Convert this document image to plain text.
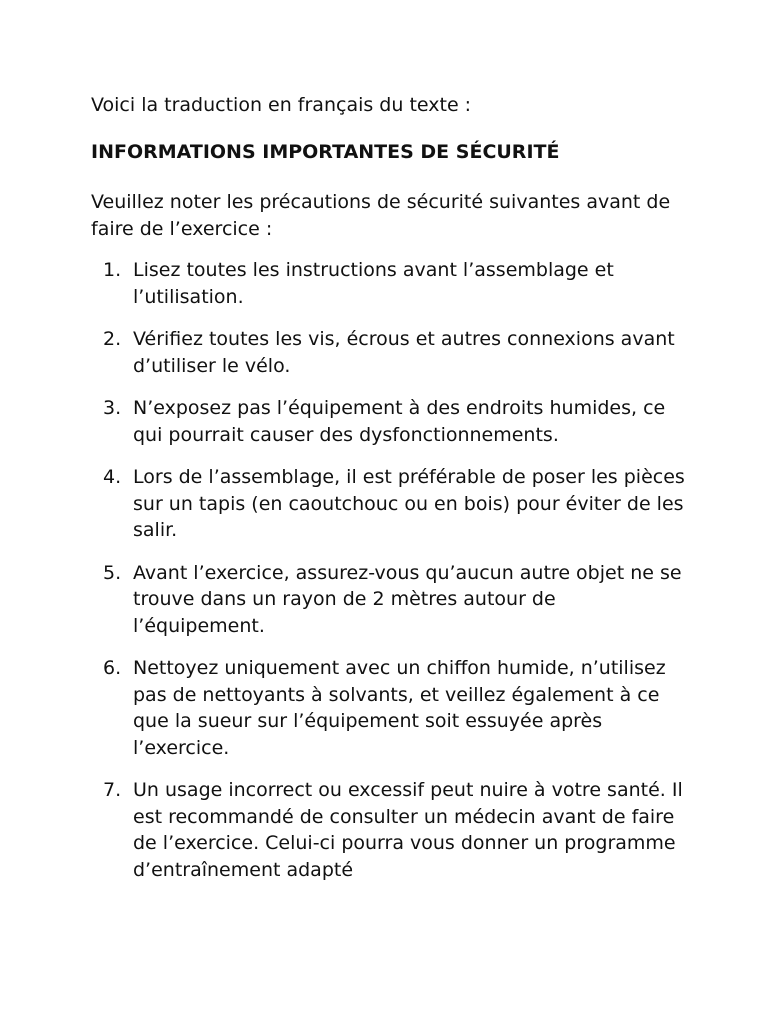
Voici la traduction en français du texte :

INFORMATIONS IMPORTANTES DE SÉCURITÉ

Veuillez noter les précautions de sécurité suivantes avant de faire de l’exercice :

1. Lisez toutes les instructions avant l’assemblage et l’utilisation.
2. Vérifiez toutes les vis, écrous et autres connexions avant d’utiliser le vélo.
3. N’exposez pas l’équipement à des endroits humides, ce qui pourrait causer des dysfonctionnements.
4. Lors de l’assemblage, il est préférable de poser les pièces sur un tapis (en caoutchouc ou en bois) pour éviter de les salir.
5. Avant l’exercice, assurez-vous qu’aucun autre objet ne se trouve dans un rayon de 2 mètres autour de l’équipement.
6. Nettoyez uniquement avec un chiffon humide, n’utilisez pas de nettoyants à solvants, et veillez également à ce que la sueur sur l’équipement soit essuyée après l’exercice.
7. Un usage incorrect ou excessif peut nuire à votre santé. Il est recommandé de consulter un médecin avant de faire de l’exercice. Celui-ci pourra vous donner un programme d’entraînement adapté
